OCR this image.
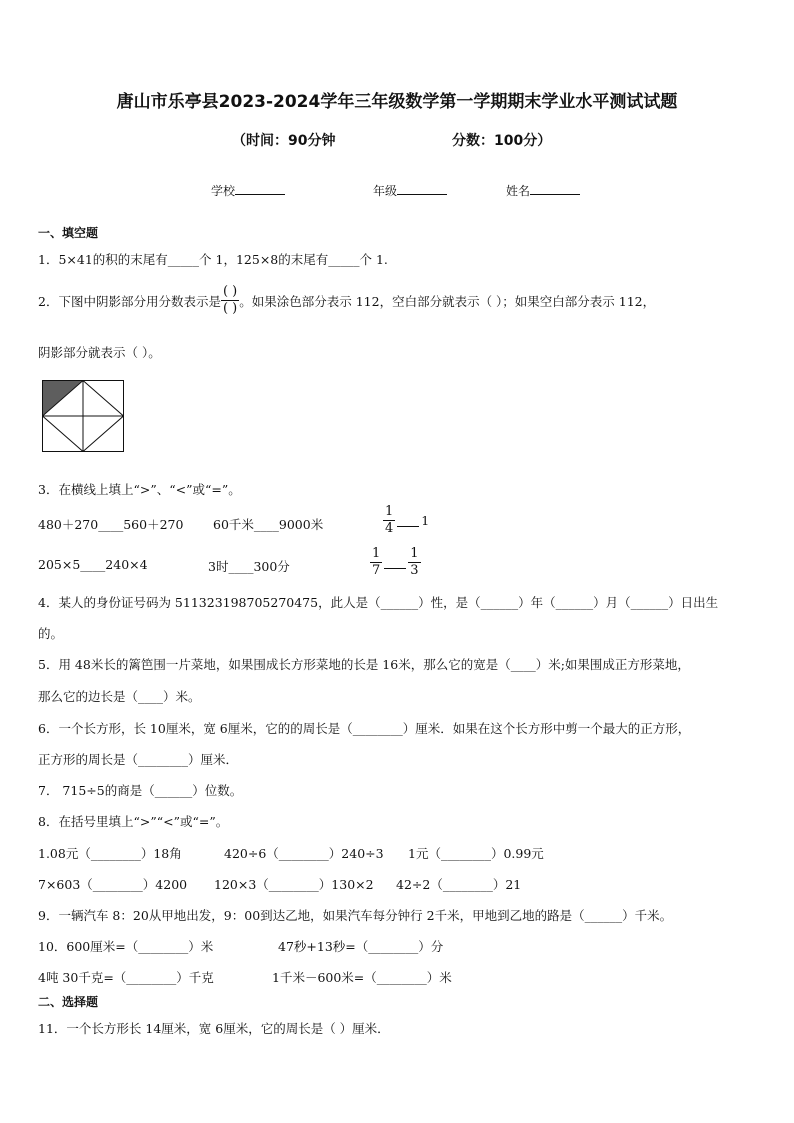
唐山市乐亭县2023-2024学年三年级数学第一学期期末学业水平测试试题
（时间：90分钟	分数：100分）
学校	年级	姓名
一、填空题
1．5×41的积的末尾有_____个 1，125×8的末尾有_____个 1.
2．下图中阴影部分用分数表示是 $\frac{( )}{( )}$ 。如果涂色部分表示 112，空白部分就表示（ ）；如果空白部分表示 112，
阴影部分就表示（ ）。
3．在横线上填上“>”、“<”或“=”。
480＋270____560＋270 60千米____9000米	$\frac{1}{4} 1$
205×5____240×4	3时____300分	$\frac{1}{7} \frac{1}{3}$
4．某人的身份证号码为 511323198705270475，此人是（______）性，是（______）年（______）月（______）日出生
的。
5．用 48米长的篱笆围一片菜地，如果围成长方形菜地的长是 16米，那么它的宽是（____）米;如果围成正方形菜地，
那么它的边长是（____）米。
6．一个长方形，长 10厘米，宽 6厘米，它的的周长是（________）厘米．如果在这个长方形中剪一个最大的正方形，
正方形的周长是（________）厘米．
7． 715÷5的商是（______）位数。
8．在括号里填上“>”“<”或“=”。
1.08元（________）18角	420÷6（________）240÷3 1元（________）0.99元
7×603（________）4200 120×3（________）130×2 42÷2（________）21
9．一辆汽车 8：20从甲地出发，9：00到达乙地，如果汽车每分钟行 2千米，甲地到乙地的路是（______）千米。
10．600厘米=（________）米	47秒+13秒=（________）分
4吨 30千克=（________）千克	1千米－600米=（________）米
二、选择题
11．一个长方形长 14厘米，宽 6厘米，它的周长是（ ）厘米．
